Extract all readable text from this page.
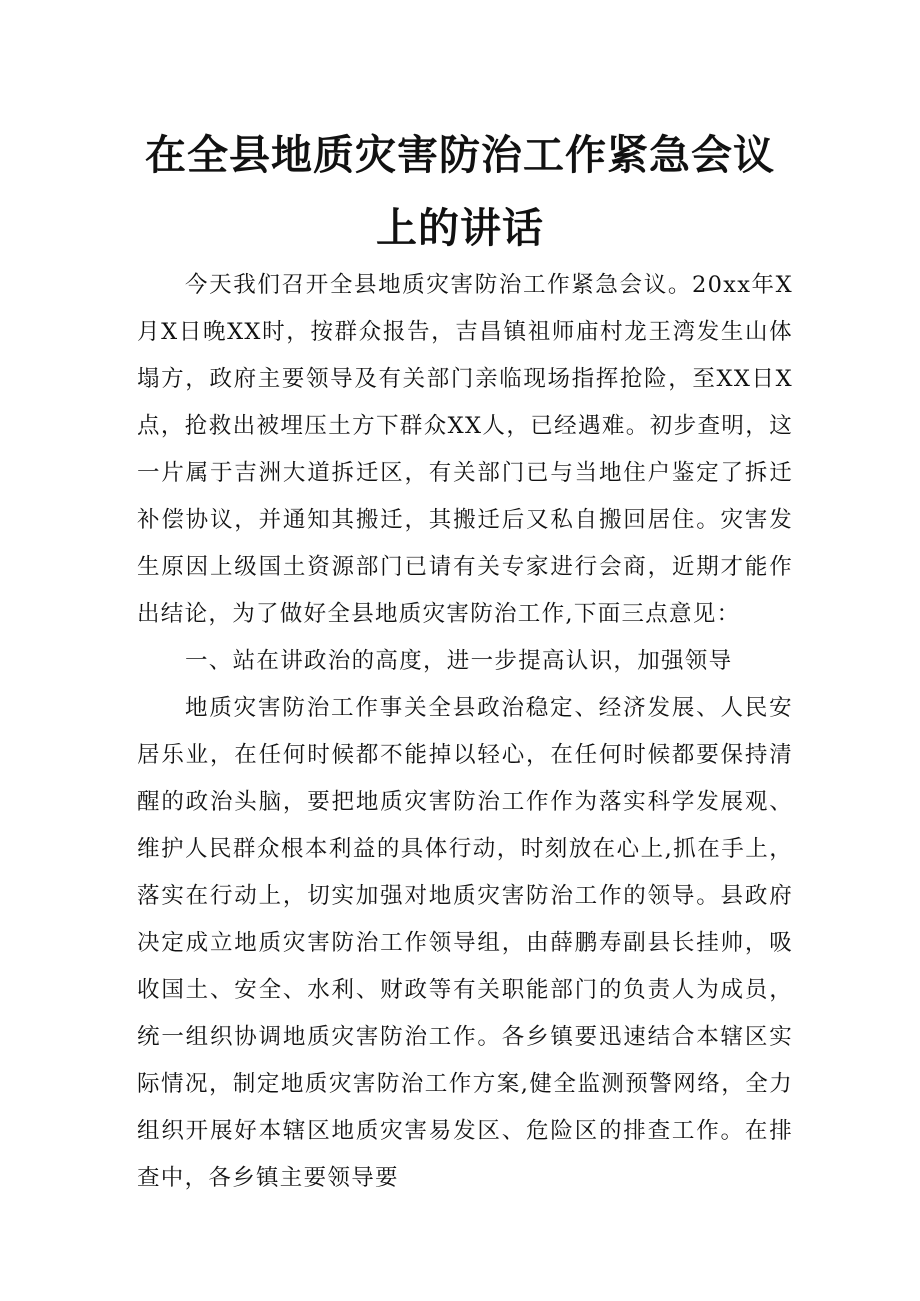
在全县地质灾害防治工作紧急会议
上的讲话

今天我们召开全县地质灾害防治工作紧急会议。20xx年X月X日晚XX时，按群众报告，吉昌镇祖师庙村龙王湾发生山体塌方，政府主要领导及有关部门亲临现场指挥抢险，至XX日X点，抢救出被埋压土方下群众XX人，已经遇难。初步查明，这一片属于吉洲大道拆迁区，有关部门已与当地住户鉴定了拆迁补偿协议，并通知其搬迁，其搬迁后又私自搬回居住。灾害发生原因上级国土资源部门已请有关专家进行会商，近期才能作出结论，为了做好全县地质灾害防治工作,下面三点意见：

一、站在讲政治的高度，进一步提高认识，加强领导

地质灾害防治工作事关全县政治稳定、经济发展、人民安居乐业，在任何时候都不能掉以轻心，在任何时候都要保持清醒的政治头脑，要把地质灾害防治工作作为落实科学发展观、维护人民群众根本利益的具体行动，时刻放在心上,抓在手上，落实在行动上，切实加强对地质灾害防治工作的领导。县政府决定成立地质灾害防治工作领导组，由薛鹏寿副县长挂帅，吸收国土、安全、水利、财政等有关职能部门的负责人为成员，统一组织协调地质灾害防治工作。各乡镇要迅速结合本辖区实际情况，制定地质灾害防治工作方案,健全监测预警网络，全力组织开展好本辖区地质灾害易发区、危险区的排查工作。在排查中，各乡镇主要领导要
